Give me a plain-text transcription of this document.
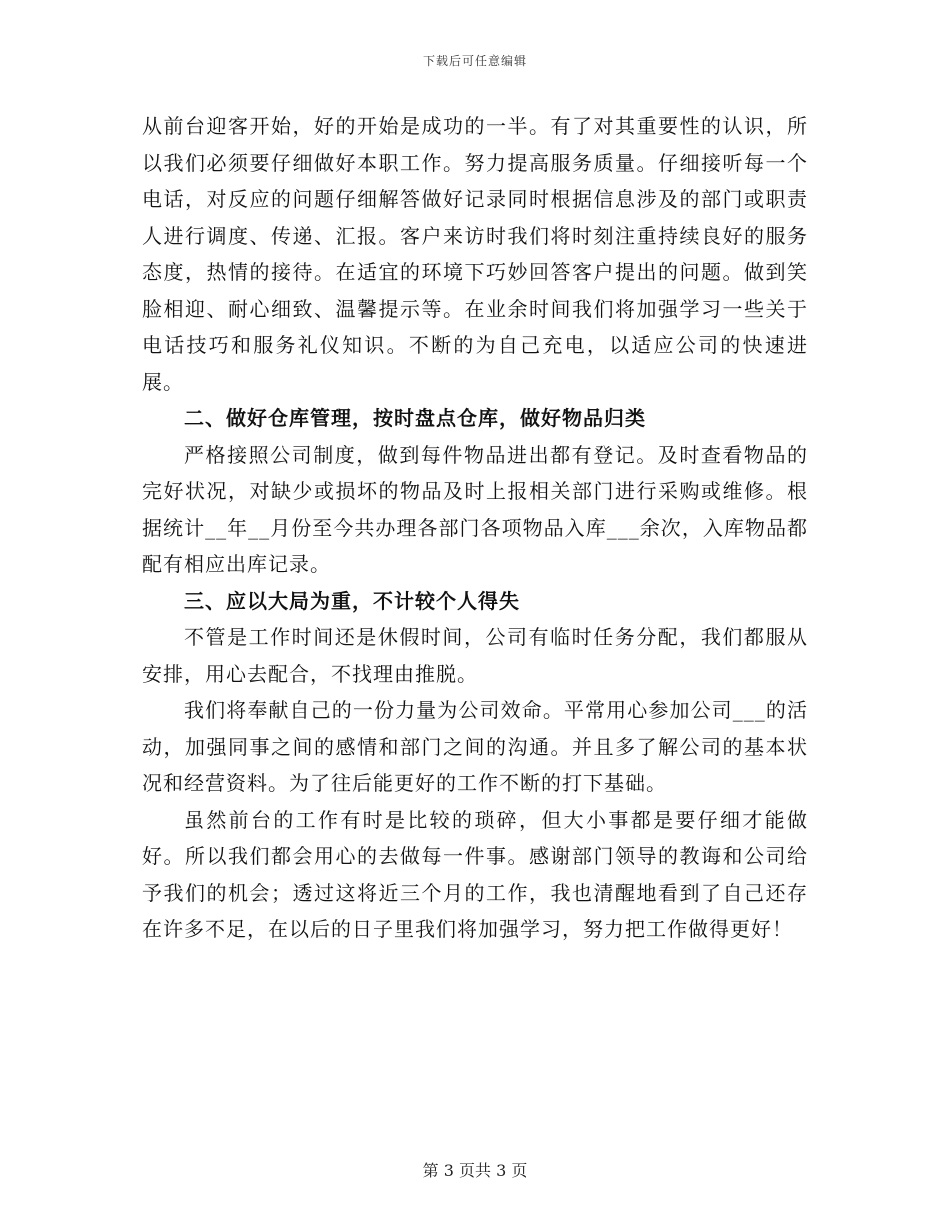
下载后可任意编辑

从前台迎客开始，好的开始是成功的一半。有了对其重要性的认识，所以我们必须要仔细做好本职工作。努力提高服务质量。仔细接听每一个电话，对反应的问题仔细解答做好记录同时根据信息涉及的部门或职责人进行调度、传递、汇报。客户来访时我们将时刻注重持续良好的服务态度，热情的接待。在适宜的环境下巧妙回答客户提出的问题。做到笑脸相迎、耐心细致、温馨提示等。在业余时间我们将加强学习一些关于电话技巧和服务礼仪知识。不断的为自己充电，以适应公司的快速进展。

二、做好仓库管理，按时盘点仓库，做好物品归类

严格接照公司制度，做到每件物品进出都有登记。及时查看物品的完好状况，对缺少或损坏的物品及时上报相关部门进行采购或维修。根据统计__年__月份至今共办理各部门各项物品入库___余次，入库物品都配有相应出库记录。

三、应以大局为重，不计较个人得失

不管是工作时间还是休假时间，公司有临时任务分配，我们都服从安排，用心去配合，不找理由推脱。

我们将奉献自己的一份力量为公司效命。平常用心参加公司___的活动，加强同事之间的感情和部门之间的沟通。并且多了解公司的基本状况和经营资料。为了往后能更好的工作不断的打下基础。

虽然前台的工作有时是比较的琐碎，但大小事都是要仔细才能做好。所以我们都会用心的去做每一件事。感谢部门领导的教诲和公司给予我们的机会；透过这将近三个月的工作，我也清醒地看到了自己还存在许多不足，在以后的日子里我们将加强学习，努力把工作做得更好！

第 3 页共 3 页
